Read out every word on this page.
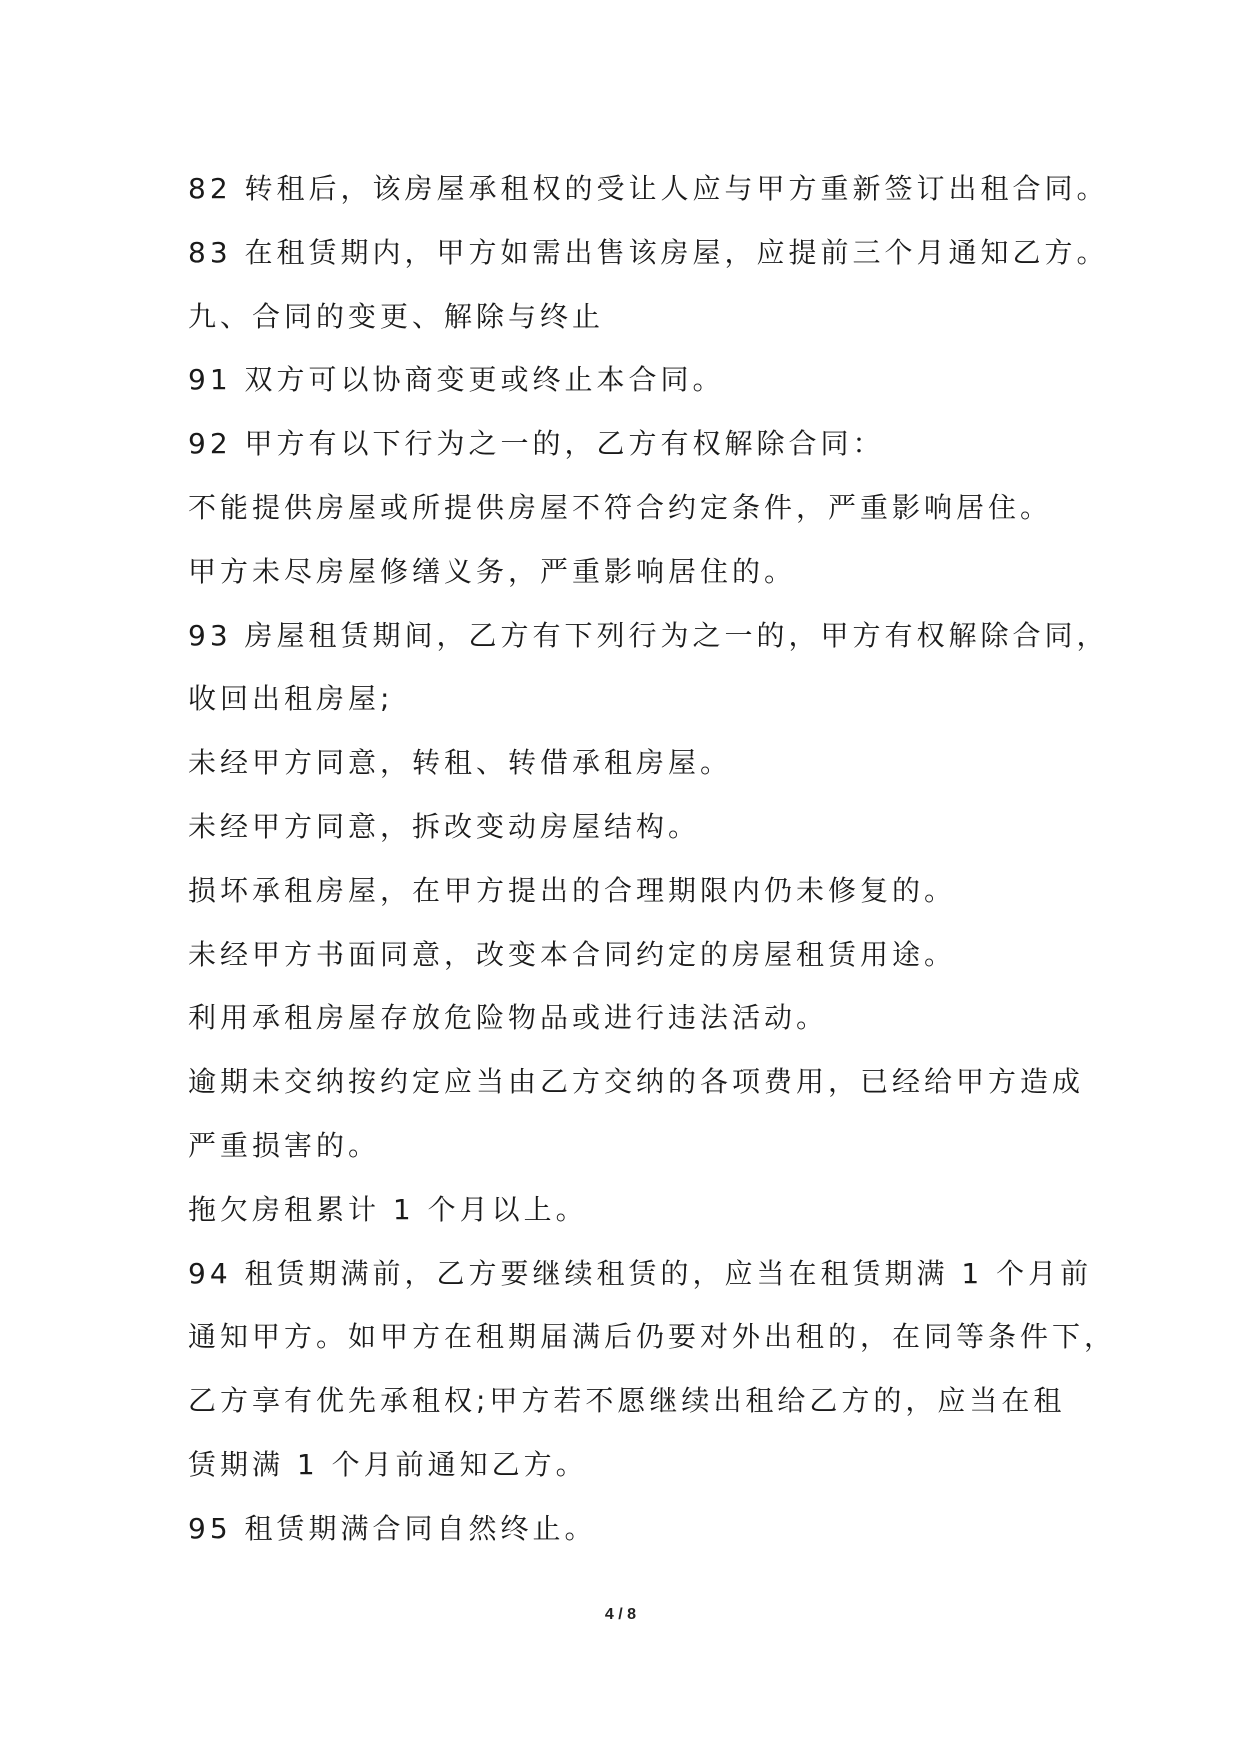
82 转租后，该房屋承租权的受让人应与甲方重新签订出租合同。
83 在租赁期内，甲方如需出售该房屋，应提前三个月通知乙方。
九、合同的变更、解除与终止
91 双方可以协商变更或终止本合同。
92 甲方有以下行为之一的，乙方有权解除合同：
不能提供房屋或所提供房屋不符合约定条件，严重影响居住。
甲方未尽房屋修缮义务，严重影响居住的。
93 房屋租赁期间，乙方有下列行为之一的，甲方有权解除合同，
收回出租房屋;
未经甲方同意，转租、转借承租房屋。
未经甲方同意，拆改变动房屋结构。
损坏承租房屋，在甲方提出的合理期限内仍未修复的。
未经甲方书面同意，改变本合同约定的房屋租赁用途。
利用承租房屋存放危险物品或进行违法活动。
逾期未交纳按约定应当由乙方交纳的各项费用，已经给甲方造成
严重损害的。
拖欠房租累计 1 个月以上。
94 租赁期满前，乙方要继续租赁的，应当在租赁期满 1 个月前
通知甲方。如甲方在租期届满后仍要对外出租的，在同等条件下，
乙方享有优先承租权;甲方若不愿继续出租给乙方的，应当在租
赁期满 1 个月前通知乙方。
95 租赁期满合同自然终止。
4 / 8
